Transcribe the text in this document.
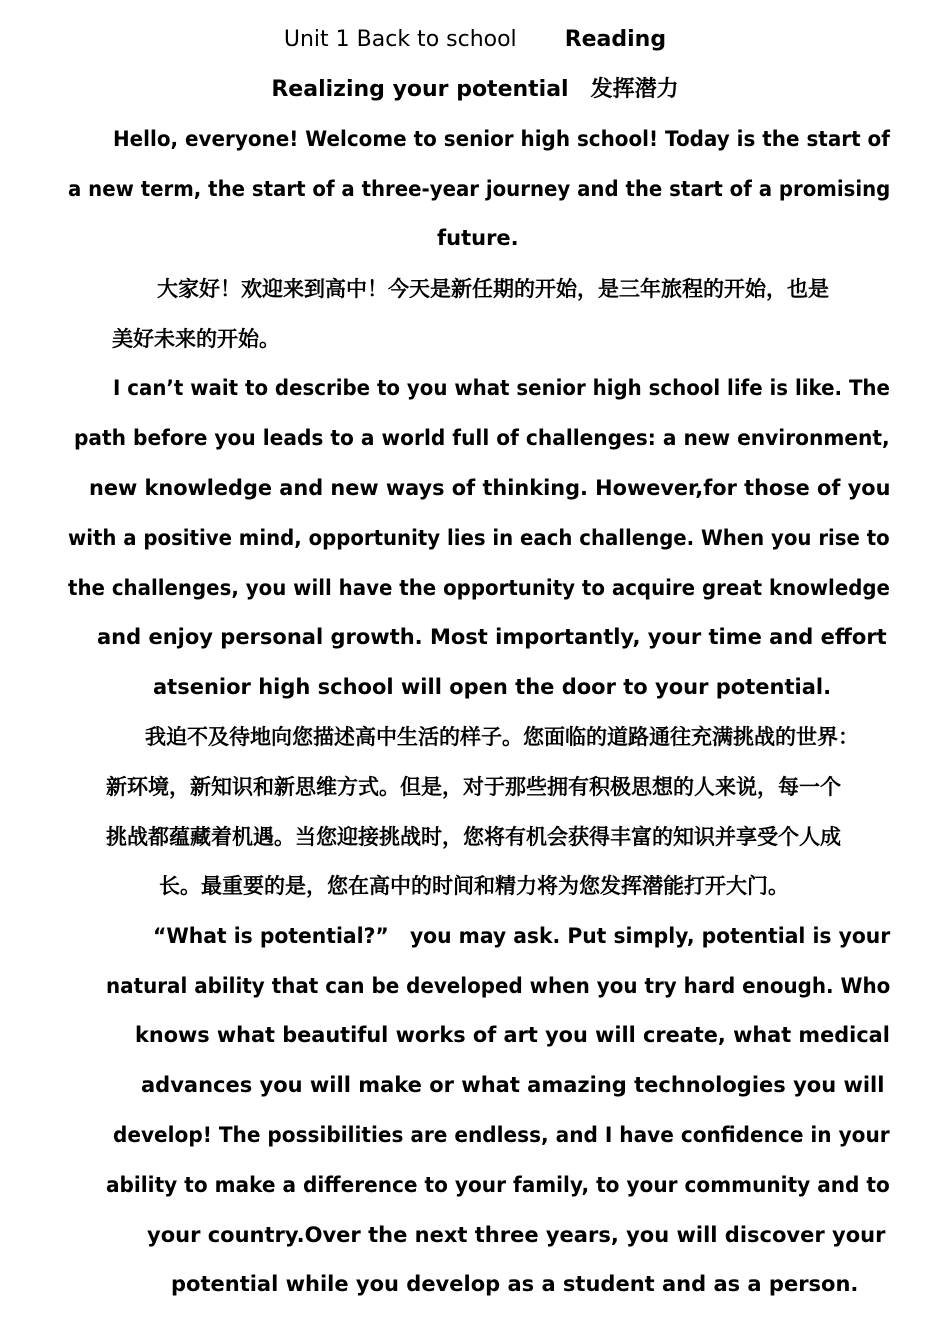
Unit 1 Back to school Reading
Realizing your potential 发挥潜力
Hello, everyone! Welcome to senior high school! Today is the start of
a new term, the start of a three-year journey and the start of a promising
future.
大家好！欢迎来到高中！今天是新任期的开始，是三年旅程的开始，也是
美好未来的开始。
I can’t wait to describe to you what senior high school life is like. The
path before you leads to a world full of challenges: a new environment,
new knowledge and new ways of thinking. However,for those of you
with a positive mind, opportunity lies in each challenge. When you rise to
the challenges, you will have the opportunity to acquire great knowledge
and enjoy personal growth. Most importantly, your time and effort
atsenior high school will open the door to your potential.
我迫不及待地向您描述高中生活的样子。您面临的道路通往充满挑战的世界：
新环境，新知识和新思维方式。但是，对于那些拥有积极思想的人来说，每一个
挑战都蕴藏着机遇。当您迎接挑战时，您将有机会获得丰富的知识并享受个人成
长。最重要的是，您在高中的时间和精力将为您发挥潜能打开大门。
“What is potential?”   you may ask. Put simply, potential is your
natural ability that can be developed when you try hard enough. Who
knows what beautiful works of art you will create, what medical
advances you will make or what amazing technologies you will
develop! The possibilities are endless, and I have confidence in your
ability to make a difference to your family, to your community and to
your country.Over the next three years, you will discover your
potential while you develop as a student and as a person.
